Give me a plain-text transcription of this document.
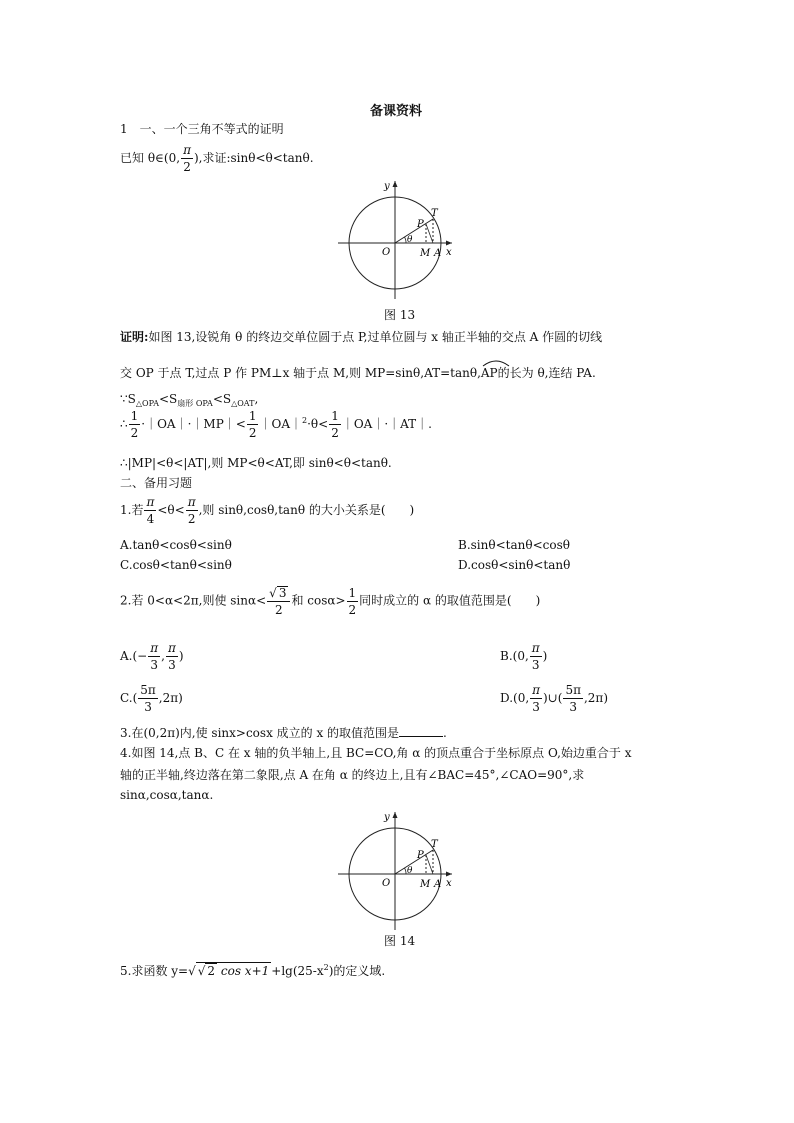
备课资料
1　一、一个三角不等式的证明
已知 θ∈(0, $\frac{\pi}{2}$ ),求证:sinθ<θ<tanθ.
y
x
O
T
P
θ
M A
图 13
证明:如图 13,设锐角 θ 的终边交单位圆于点 P,过单位圆与 x 轴正半轴的交点 A 作圆的切线
交 OP 于点 T,过点 P 作 PM⊥x 轴于点 M,则 MP=sinθ,AT=tanθ,
AP的长为 θ,连结 PA.
$\because S_{\triangle OPA}<S_{扇形 OPA}<S_{\triangle OAT}$,
∴ $\frac{1}{2}$ ·｜OA｜·｜MP｜< $\frac{1}{2}$ ｜OA｜$^2$·θ< $\frac{1}{2}$ ｜OA｜·｜AT｜.
∴|MP|<θ<|AT|,则 MP<θ<AT,即 sinθ<θ<tanθ.
二、备用习题
1.若 $\frac{\pi}{4} <\theta< \frac{\pi}{2}$ ,则 sinθ,cosθ,tanθ 的大小关系是(　　)
A.tanθ<cosθ<sinθ	B.sinθ<tanθ<cosθ
C.cosθ<tanθ<sinθ	D.cosθ<sinθ<tanθ
2.若 0<α<2π,则使 $\sin\alpha< \frac{√ 3}{2}$ 和 $\cos\alpha> \frac{1}{2}$ 同时成立的 α 的取值范围是(　　)
$A.(- \frac{\pi}{3}$ , $\frac{\pi}{3}$ )	B.(0, $\frac{\pi}{3}$ )
$C.( \frac{5\pi}{3} ,2\pi)$	D.(0, $\frac{\pi}{3}$ )∪( $\frac{5\pi}{3} ,2\pi$)
3.在(0,2π)内,使 sinx>cosx 成立的 x 的取值范围是	.
4.如图 14,点 B、C 在 x 轴的负半轴上,且 BC=CO,角 α 的顶点重合于坐标原点 O,始边重合于 x
轴的正半轴,终边落在第二象限,点 A 在角 α 的终边上,且有∠BAC=45°,∠CAO=90°,求
sinα,cosα,tanα.
y
x
O
T
P
θ
M A
图 14
5.求函数 y=√ √ 2 $\cos x+1 +\lg(25-x^2)$的定义域.
